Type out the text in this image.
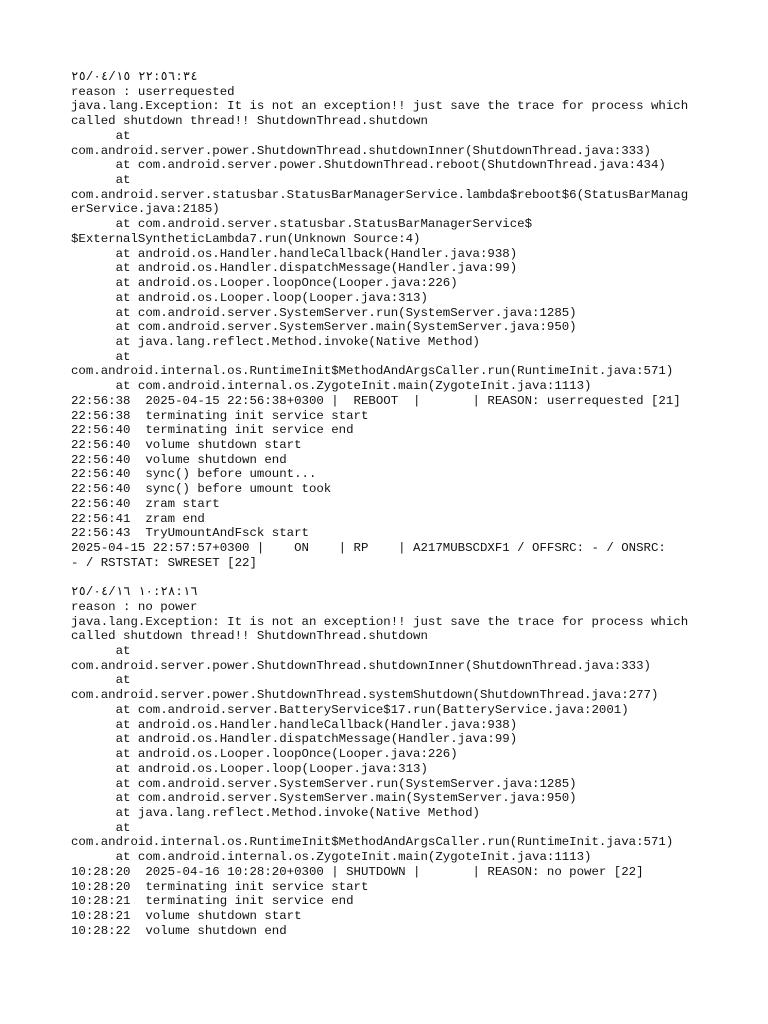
٢٢:٥٦:٣٤ ٢٥/٠٤/١٥
reason : userrequested
java.lang.Exception: It is not an exception!! just save the trace for process which
called shutdown thread!! ShutdownThread.shutdown
at
com.android.server.power.ShutdownThread.shutdownInner(ShutdownThread.java:333)
at com.android.server.power.ShutdownThread.reboot(ShutdownThread.java:434)
at
com.android.server.statusbar.StatusBarManagerService.lambda$reboot$6(StatusBarManag
erService.java:2185)
at com.android.server.statusbar.StatusBarManagerService$
$ExternalSyntheticLambda7.run(Unknown Source:4)
at android.os.Handler.handleCallback(Handler.java:938)
at android.os.Handler.dispatchMessage(Handler.java:99)
at android.os.Looper.loopOnce(Looper.java:226)
at android.os.Looper.loop(Looper.java:313)
at com.android.server.SystemServer.run(SystemServer.java:1285)
at com.android.server.SystemServer.main(SystemServer.java:950)
at java.lang.reflect.Method.invoke(Native Method)
at
com.android.internal.os.RuntimeInit$MethodAndArgsCaller.run(RuntimeInit.java:571)
at com.android.internal.os.ZygoteInit.main(ZygoteInit.java:1113)
22:56:38  2025-04-15 22:56:38+0300 |  REBOOT  |       | REASON: userrequested [21]
22:56:38  terminating init service start
22:56:40  terminating init service end
22:56:40  volume shutdown start
22:56:40  volume shutdown end
22:56:40  sync() before umount...
22:56:40  sync() before umount took
22:56:40  zram start
22:56:41  zram end
22:56:43  TryUmountAndFsck start
2025-04-15 22:57:57+0300 |    ON    | RP    | A217MUBSCDXF1 / OFFSRC: - / ONSRC:
- / RSTSTAT: SWRESET [22]
١٠:٢٨:١٦ ٢٥/٠٤/١٦
reason : no power
java.lang.Exception: It is not an exception!! just save the trace for process which
called shutdown thread!! ShutdownThread.shutdown
at
com.android.server.power.ShutdownThread.shutdownInner(ShutdownThread.java:333)
at
com.android.server.power.ShutdownThread.systemShutdown(ShutdownThread.java:277)
at com.android.server.BatteryService$17.run(BatteryService.java:2001)
at android.os.Handler.handleCallback(Handler.java:938)
at android.os.Handler.dispatchMessage(Handler.java:99)
at android.os.Looper.loopOnce(Looper.java:226)
at android.os.Looper.loop(Looper.java:313)
at com.android.server.SystemServer.run(SystemServer.java:1285)
at com.android.server.SystemServer.main(SystemServer.java:950)
at java.lang.reflect.Method.invoke(Native Method)
at
com.android.internal.os.RuntimeInit$MethodAndArgsCaller.run(RuntimeInit.java:571)
at com.android.internal.os.ZygoteInit.main(ZygoteInit.java:1113)
10:28:20  2025-04-16 10:28:20+0300 | SHUTDOWN |       | REASON: no power [22]
10:28:20  terminating init service start
10:28:21  terminating init service end
10:28:21  volume shutdown start
10:28:22  volume shutdown end
